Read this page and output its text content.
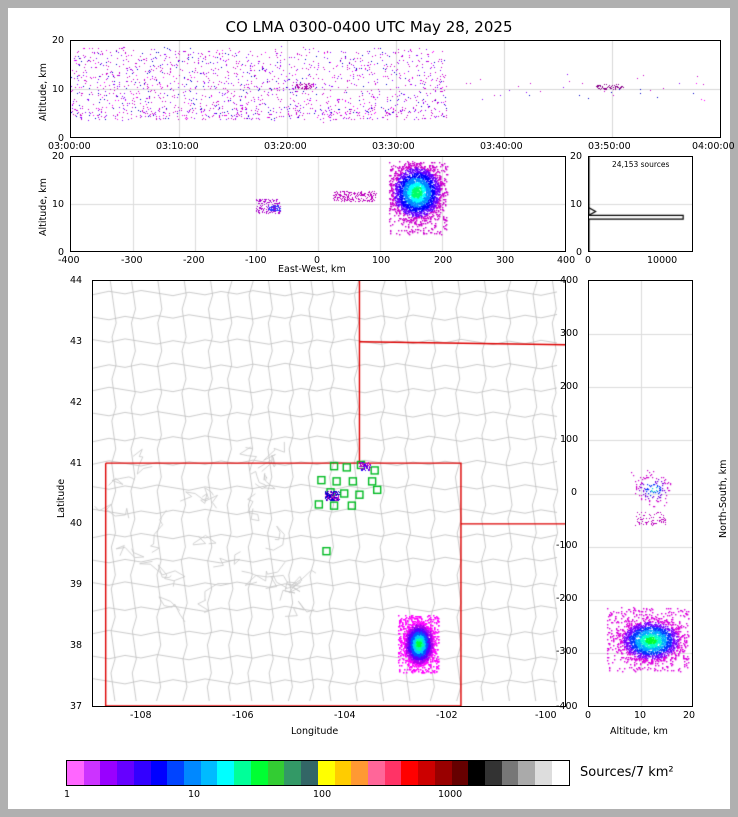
CO LMA 0300-0400 UTC May 28, 2025
20
10
0
Altitude, km
03:00:00	03:10:00	03:20:00	03:30:00	03:40:00	03:50:00	04:00:00
20
10
0
Altitude, km
-400	-300	-200	-100	0	100	200	300	400
East-West, km
20
10
0
0	10000
24,153 sources
44
43
42
41
40
39
38
37
Latitude
-108	-106	-104	-102	-100
Longitude
400
300
200
100
0
-100
-200
-300
-400
North-South, km
0	10	20
Altitude, km
1	10	100	1000
Sources/7 km²
